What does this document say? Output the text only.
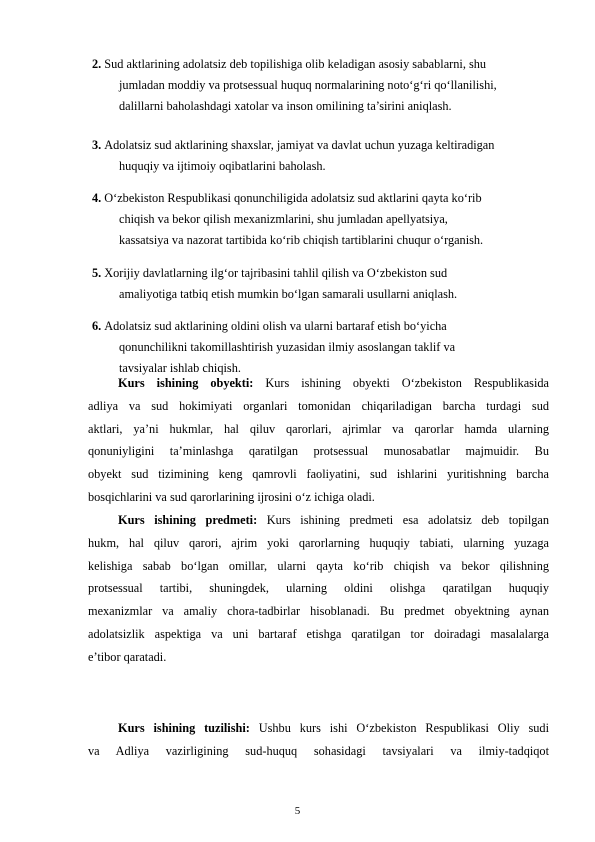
2. Sud aktlarining adolatsiz deb topilishiga olib keladigan asosiy sabablarni, shu
jumladan moddiy va protsessual huquq normalarining noto‘g‘ri qo‘llanilishi,
dalillarni baholashdagi xatolar va inson omilining ta’sirini aniqlash.
3. Adolatsiz sud aktlarining shaxslar, jamiyat va davlat uchun yuzaga keltiradigan
huquqiy va ijtimoiy oqibatlarini baholash.
4. O‘zbekiston Respublikasi qonunchiligida adolatsiz sud aktlarini qayta ko‘rib
chiqish va bekor qilish mexanizmlarini, shu jumladan apellyatsiya,
kassatsiya va nazorat tartibida ko‘rib chiqish tartiblarini chuqur o‘rganish.
5. Xorijiy davlatlarning ilg‘or tajribasini tahlil qilish va O‘zbekiston sud
amaliyotiga tatbiq etish mumkin bo‘lgan samarali usullarni aniqlash.
6. Adolatsiz sud aktlarining oldini olish va ularni bartaraf etish bo‘yicha
qonunchilikni takomillashtirish yuzasidan ilmiy asoslangan taklif va
tavsiyalar ishlab chiqish.
Kurs ishining obyekti: Kurs ishining obyekti O‘zbekiston Respublikasida
adliya va sud hokimiyati organlari tomonidan chiqariladigan barcha turdagi sud
aktlari, ya’ni hukmlar, hal qiluv qarorlari, ajrimlar va qarorlar hamda ularning
qonuniyligini ta’minlashga qaratilgan protsessual munosabatlar majmuidir. Bu
obyekt sud tizimining keng qamrovli faoliyatini, sud ishlarini yuritishning barcha
bosqichlarini va sud qarorlarining ijrosini o‘z ichiga oladi.
Kurs ishining predmeti: Kurs ishining predmeti esa adolatsiz deb topilgan
hukm, hal qiluv qarori, ajrim yoki qarorlarning huquqiy tabiati, ularning yuzaga
kelishiga sabab bo‘lgan omillar, ularni qayta ko‘rib chiqish va bekor qilishning
protsessual tartibi, shuningdek, ularning oldini olishga qaratilgan huquqiy
mexanizmlar va amaliy chora-tadbirlar hisoblanadi. Bu predmet obyektning aynan
adolatsizlik aspektiga va uni bartaraf etishga qaratilgan tor doiradagi masalalarga
e’tibor qaratadi.
Kurs ishining tuzilishi: Ushbu kurs ishi O‘zbekiston Respublikasi Oliy sudi
va Adliya vazirligining sud-huquq sohasidagi tavsiyalari va ilmiy-tadqiqot
5
